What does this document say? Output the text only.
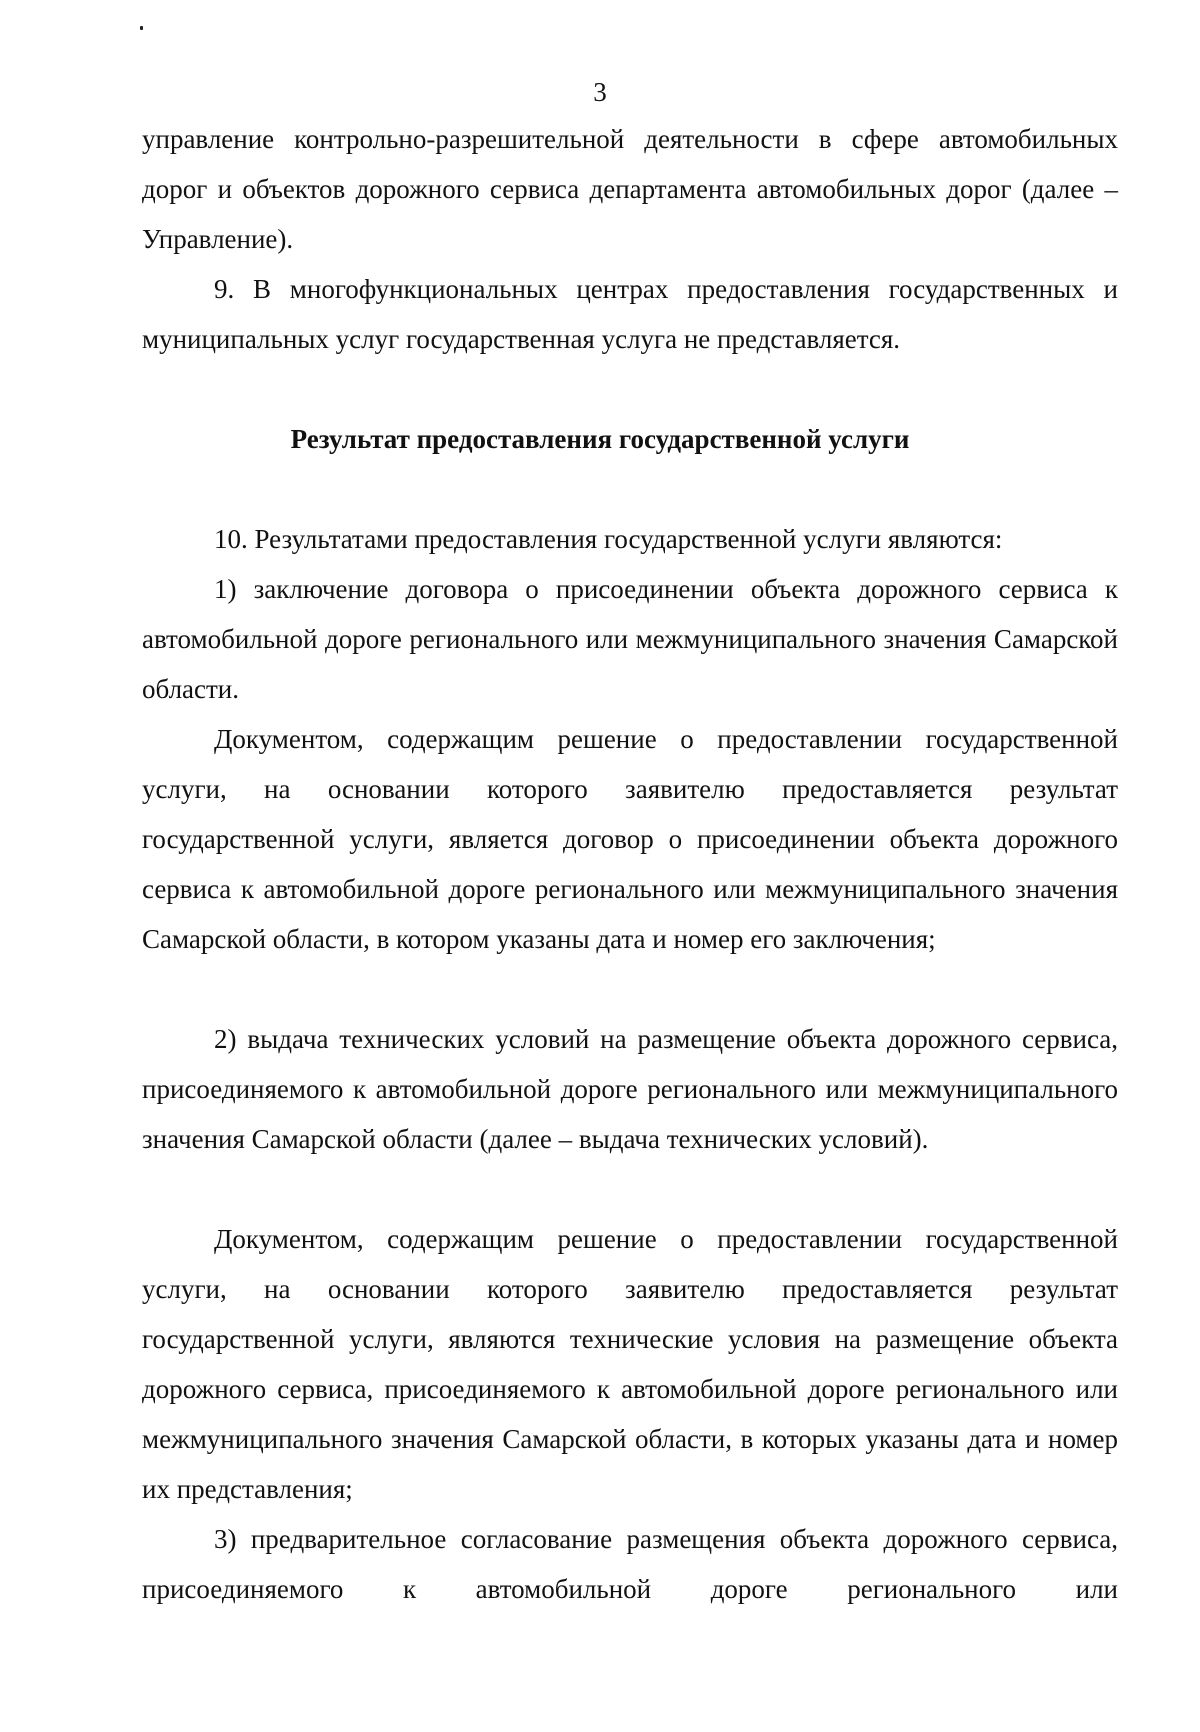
3
управление контрольно-разрешительной деятельности в сфере автомобильных дорог и объектов дорожного сервиса департамента автомобильных дорог (далее – Управление).
9. В многофункциональных центрах предоставления государственных и муниципальных услуг государственная услуга не представляется.
Результат предоставления государственной услуги
10. Результатами предоставления государственной услуги являются:
1) заключение договора о присоединении объекта дорожного сервиса к автомобильной дороге регионального или межмуниципального значения Самарской области.
Документом, содержащим решение о предоставлении государственной услуги, на основании которого заявителю предоставляется результат государственной услуги, является договор о присоединении объекта дорожного сервиса к автомобильной дороге регионального или межмуниципального значения Самарской области, в котором указаны дата и номер его заключения;
2) выдача технических условий на размещение объекта дорожного сервиса, присоединяемого к автомобильной дороге регионального или межмуниципального значения Самарской области (далее – выдача технических условий).
Документом, содержащим решение о предоставлении государственной услуги, на основании которого заявителю предоставляется результат государственной услуги, являются технические условия на размещение объекта дорожного сервиса, присоединяемого к автомобильной дороге регионального или межмуниципального значения Самарской области, в которых указаны дата и номер их представления;
3) предварительное согласование размещения объекта дорожного сервиса, присоединяемого к автомобильной дороге регионального или
